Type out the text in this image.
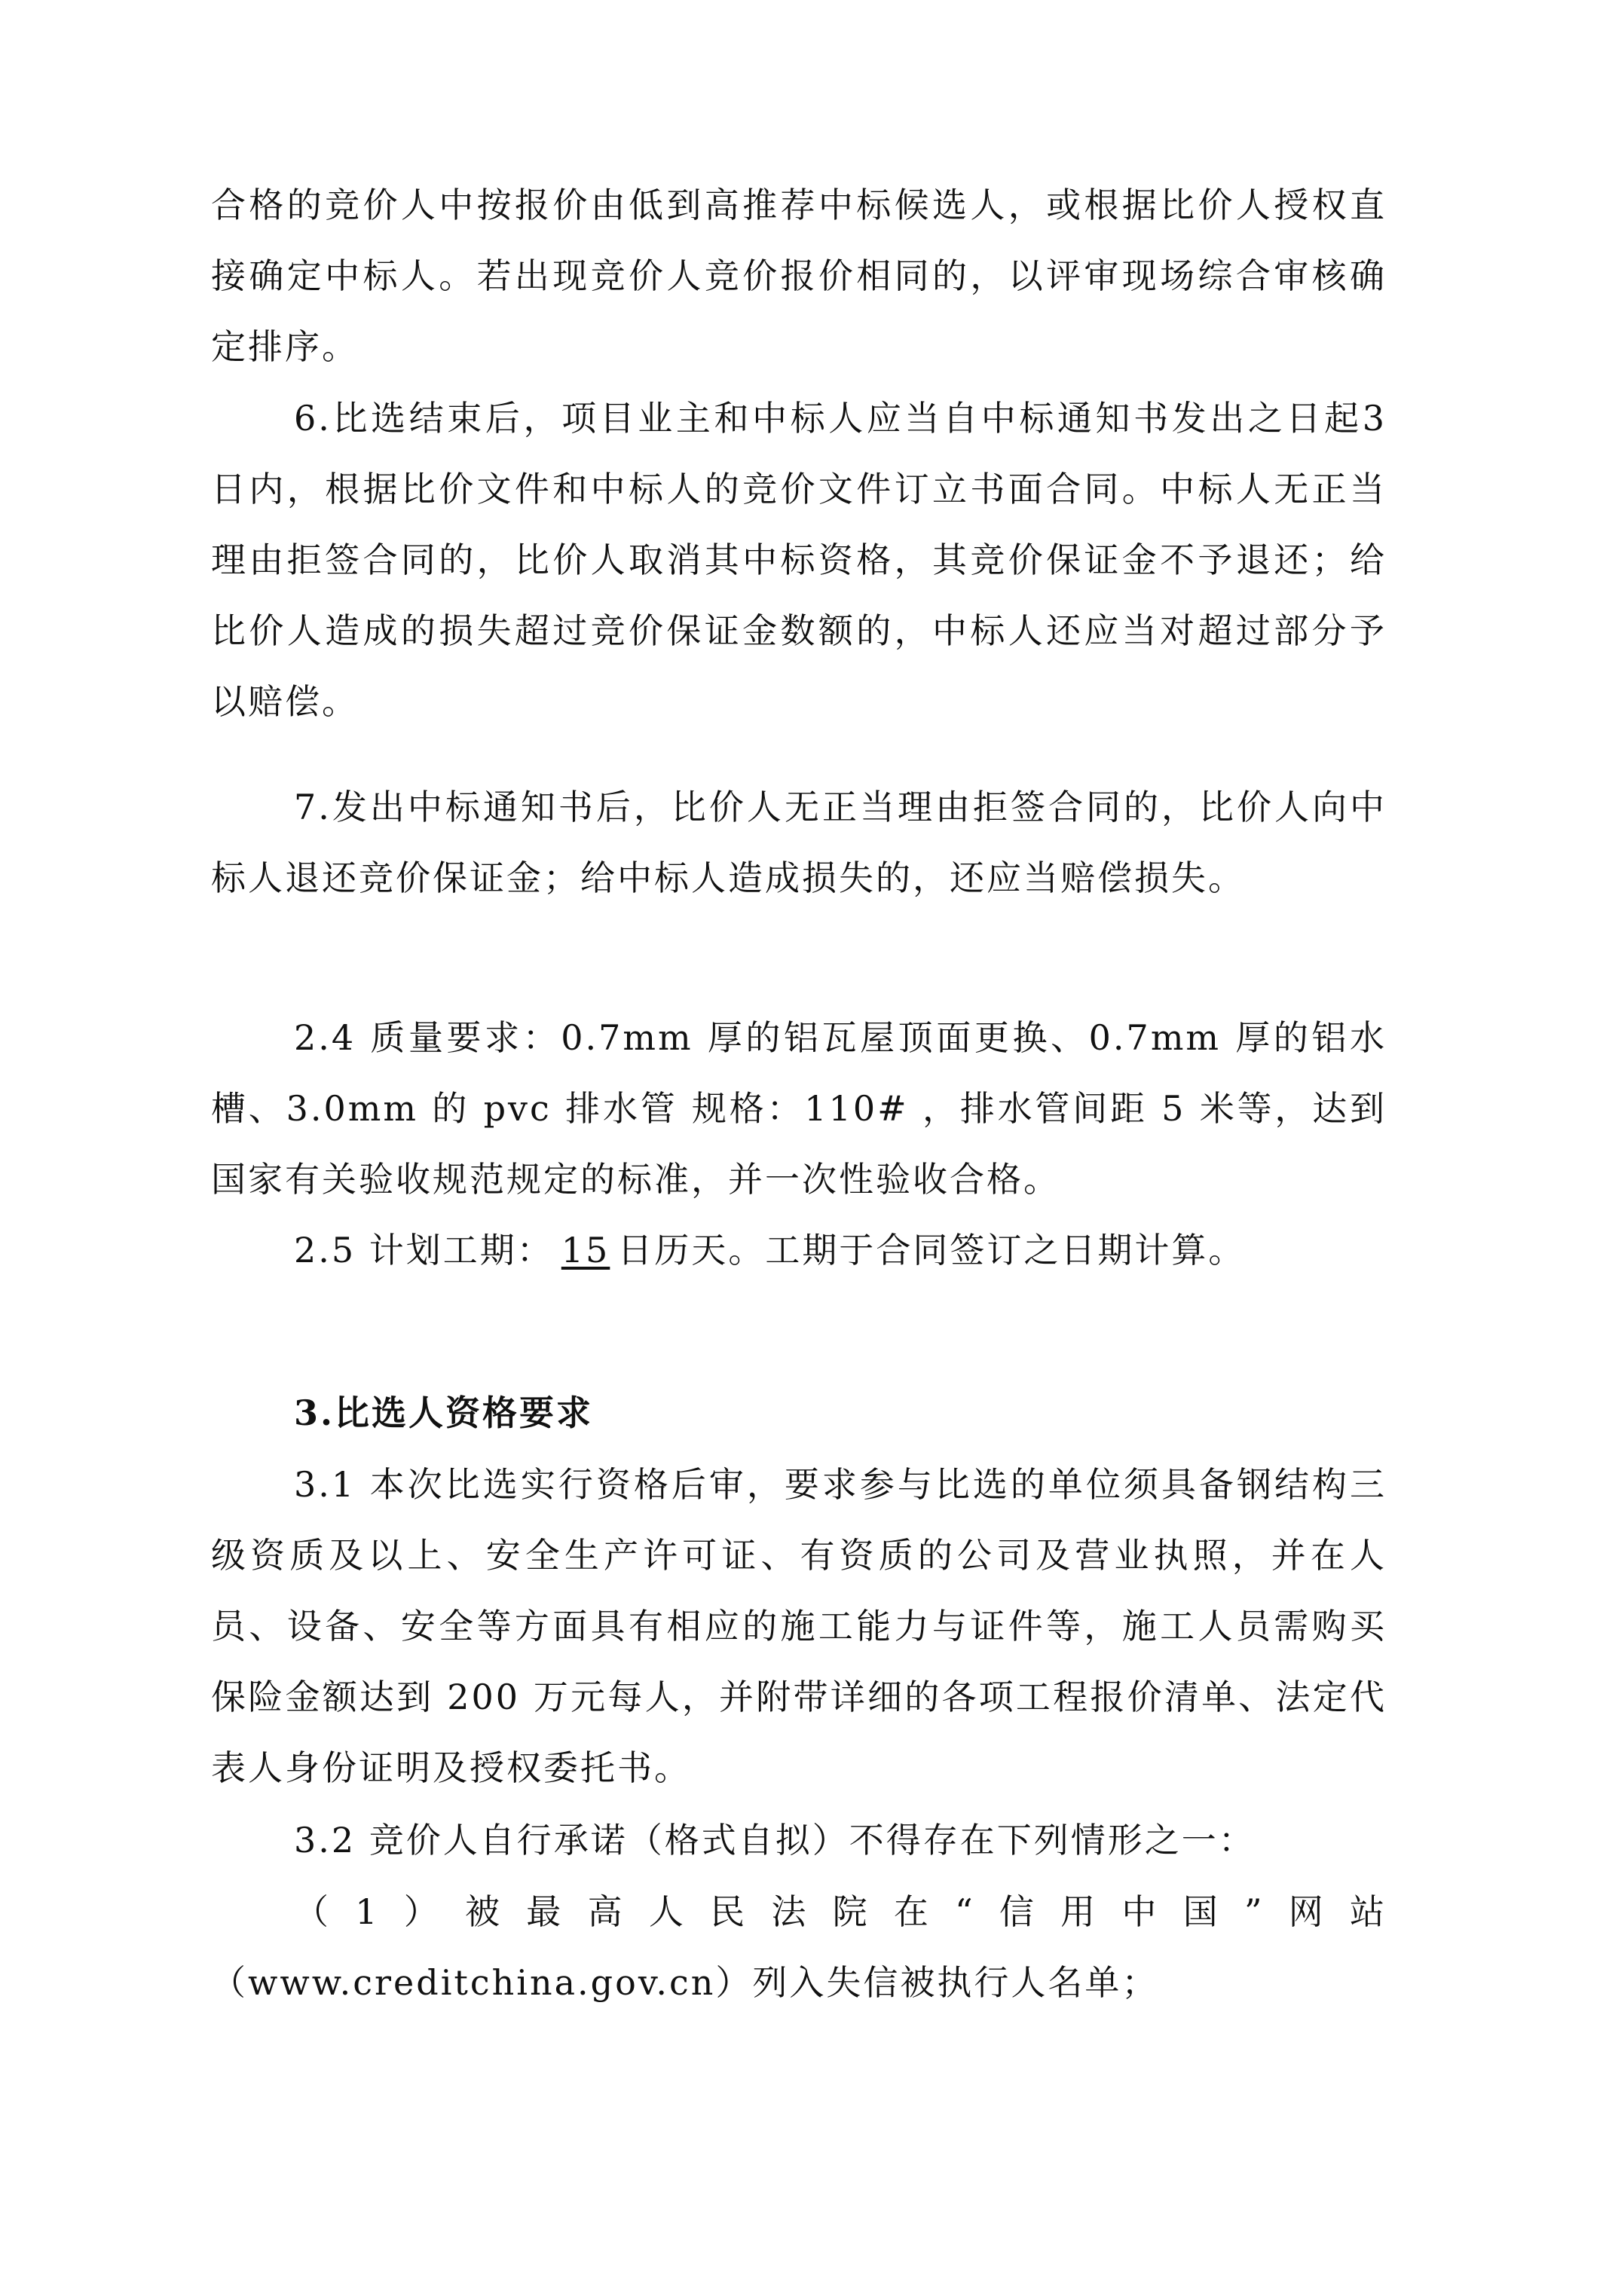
合格的竞价人中按报价由低到高推荐中标候选人，或根据比价人授权直接确定中标人。若出现竞价人竞价报价相同的，以评审现场综合审核确定排序。

6.比选结束后，项目业主和中标人应当自中标通知书发出之日起3日内，根据比价文件和中标人的竞价文件订立书面合同。中标人无正当理由拒签合同的，比价人取消其中标资格，其竞价保证金不予退还；给比价人造成的损失超过竞价保证金数额的，中标人还应当对超过部分予以赔偿。

7.发出中标通知书后，比价人无正当理由拒签合同的，比价人向中标人退还竞价保证金；给中标人造成损失的，还应当赔偿损失。

2.4 质量要求：0.7mm 厚的铝瓦屋顶面更换、0.7mm 厚的铝水槽、3.0mm 的 pvc 排水管 规格：110# ，排水管间距 5 米等，达到国家有关验收规范规定的标准，并一次性验收合格。

2.5 计划工期： 15 日历天。工期于合同签订之日期计算。

3.比选人资格要求

3.1 本次比选实行资格后审，要求参与比选的单位须具备钢结构三级资质及以上、安全生产许可证、有资质的公司及营业执照，并在人员、设备、安全等方面具有相应的施工能力与证件等，施工人员需购买保险金额达到 200 万元每人，并附带详细的各项工程报价清单、法定代表人身份证明及授权委托书。

3.2 竞价人自行承诺（格式自拟）不得存在下列情形之一：

（1）被最高人民法院在“信用中国”网站（www.creditchina.gov.cn）列入失信被执行人名单；
